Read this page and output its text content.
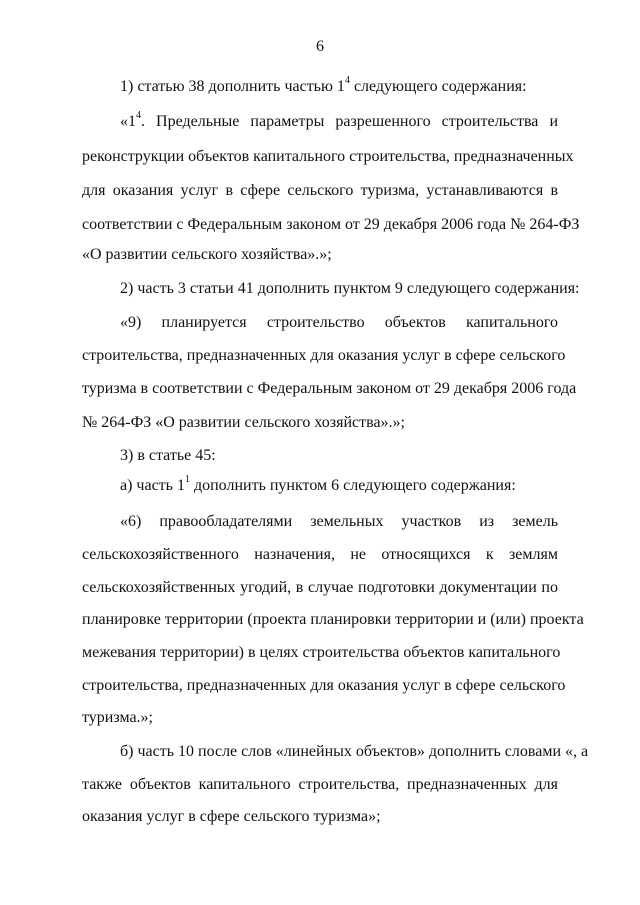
6
1) статью 38 дополнить частью $1^4$ следующего содержания:
«$1^4$. Предельные параметры разрешенного строительства и
реконструкции объектов капитального строительства, предназначенных
для оказания услуг в сфере сельского туризма, устанавливаются в
соответствии с Федеральным законом от 29 декабря 2006 года № 264-ФЗ
«О развитии сельского хозяйства».»;
2) часть 3 статьи 41 дополнить пунктом 9 следующего содержания:
«9) планируется строительство объектов капитального
строительства, предназначенных для оказания услуг в сфере сельского
туризма в соответствии с Федеральным законом от 29 декабря 2006 года
№ 264-ФЗ «О развитии сельского хозяйства».»;
3) в статье 45:
а) часть $1^1$ дополнить пунктом 6 следующего содержания:
«6) правообладателями земельных участков из земель
сельскохозяйственного назначения, не относящихся к землям
сельскохозяйственных угодий, в случае подготовки документации по
планировке территории (проекта планировки территории и (или) проекта
межевания территории) в целях строительства объектов капитального
строительства, предназначенных для оказания услуг в сфере сельского
туризма.»;
б) часть 10 после слов «линейных объектов» дополнить словами «, а
также объектов капитального строительства, предназначенных для
оказания услуг в сфере сельского туризма»;
